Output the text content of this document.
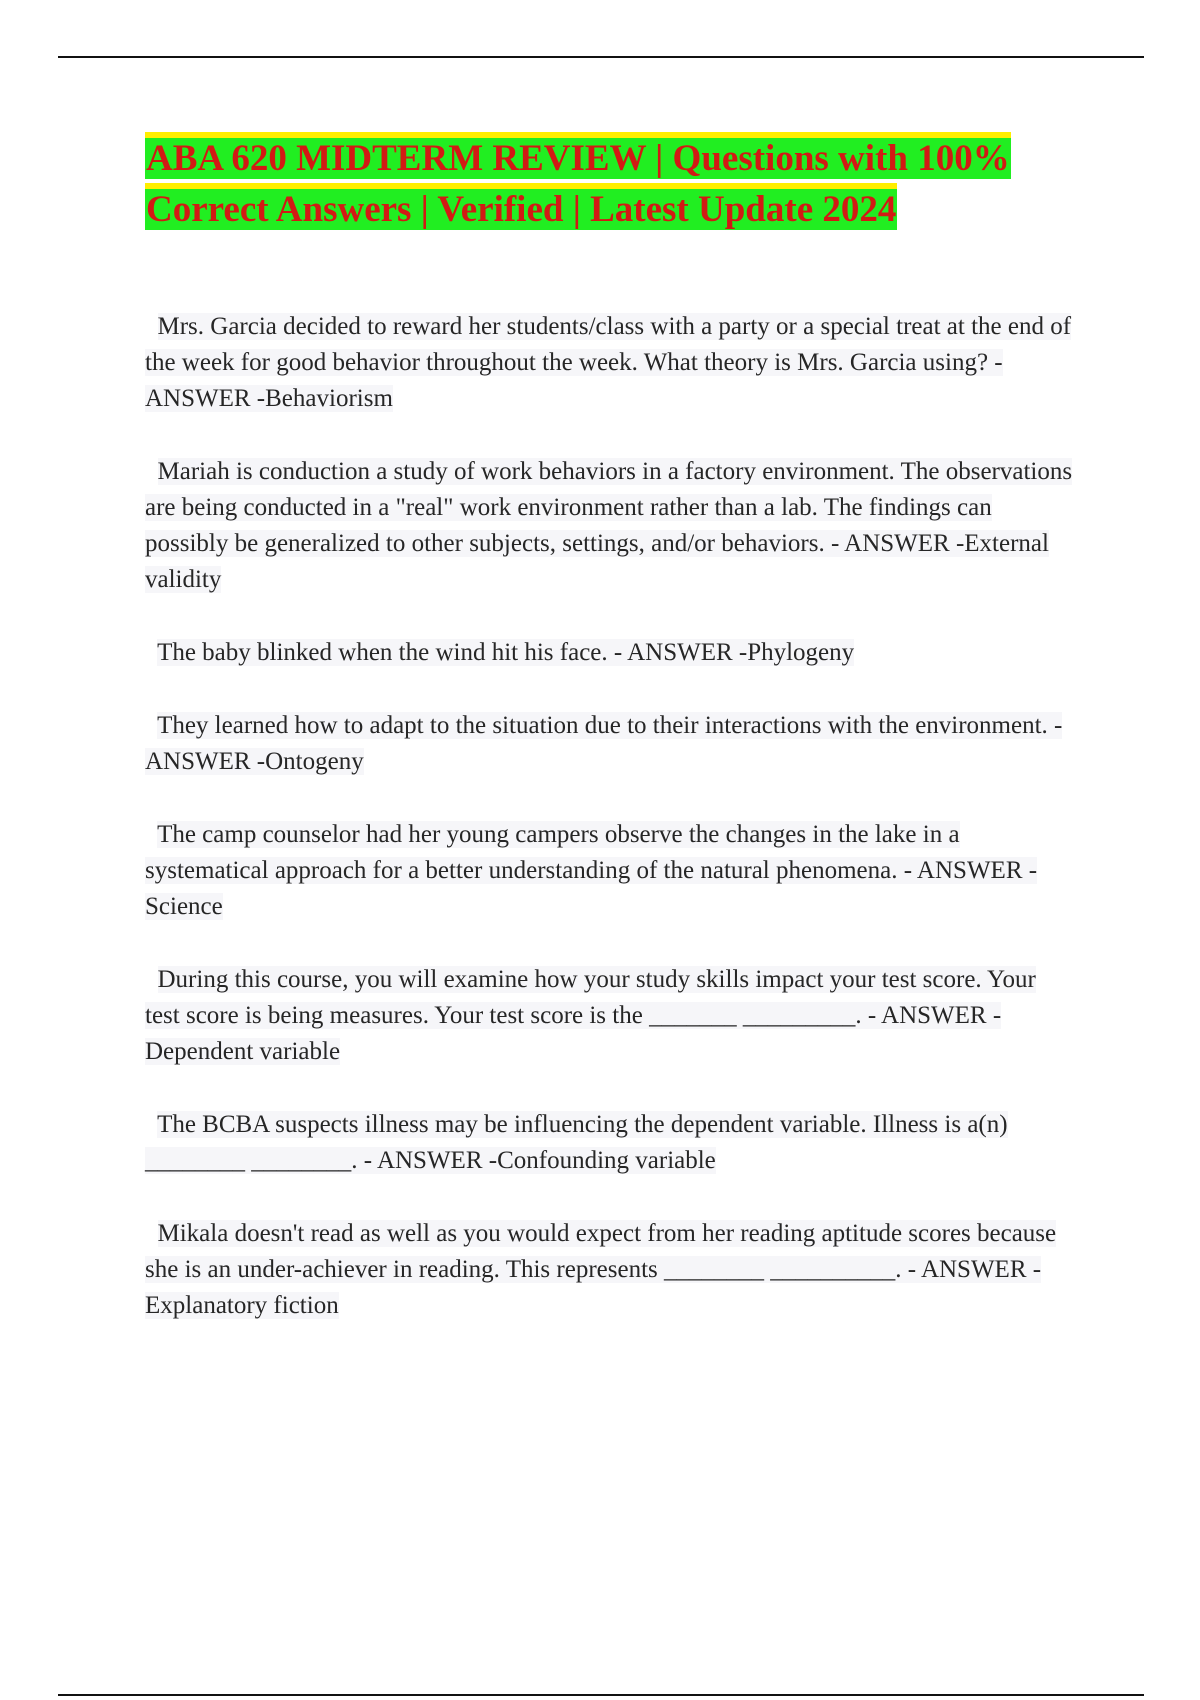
ABA 620 MIDTERM REVIEW | Questions with 100% Correct Answers | Verified | Latest Update 2024

Mrs. Garcia decided to reward her students/class with a party or a special treat at the end of the week for good behavior throughout the week. What theory is Mrs. Garcia using? - ANSWER -Behaviorism

Mariah is conduction a study of work behaviors in a factory environment. The observations are being conducted in a "real" work environment rather than a lab. The findings can possibly be generalized to other subjects, settings, and/or behaviors. - ANSWER -External validity

The baby blinked when the wind hit his face. - ANSWER -Phylogeny

They learned how to adapt to the situation due to their interactions with the environment. - ANSWER -Ontogeny

The camp counselor had her young campers observe the changes in the lake in a systematical approach for a better understanding of the natural phenomena. - ANSWER -Science

During this course, you will examine how your study skills impact your test score. Your test score is being measures. Your test score is the _______ _________. - ANSWER -Dependent variable

The BCBA suspects illness may be influencing the dependent variable. Illness is a(n) ________ ________. - ANSWER -Confounding variable

Mikala doesn't read as well as you would expect from her reading aptitude scores because she is an under-achiever in reading. This represents ________ __________. - ANSWER -Explanatory fiction
